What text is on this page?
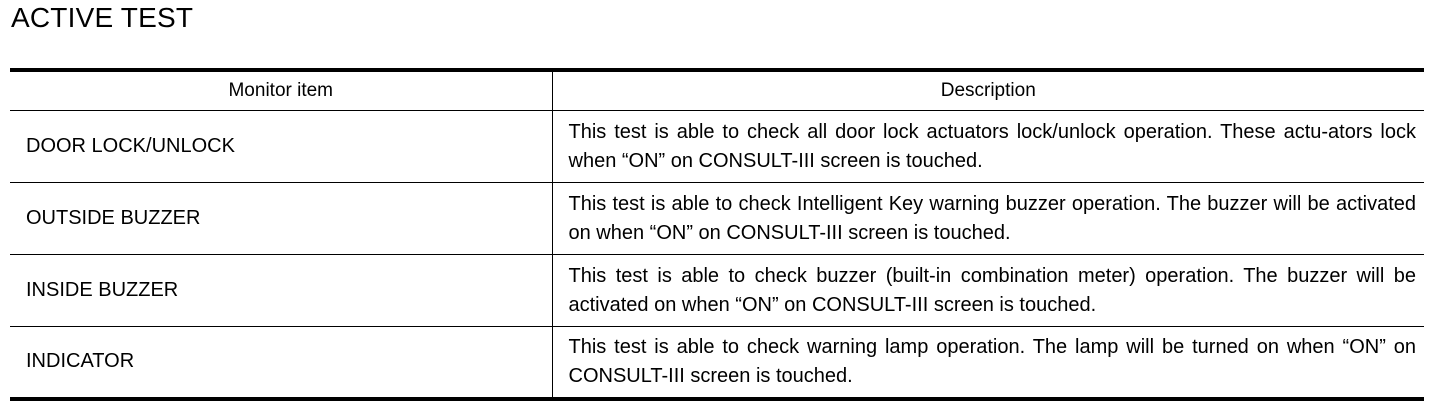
ACTIVE TEST
Monitor item	Description
DOOR LOCK/UNLOCK	This test is able to check all door lock actuators lock/unlock operation. These actu-ators lock when “ON” on CONSULT-III screen is touched.
OUTSIDE BUZZER	This test is able to check Intelligent Key warning buzzer operation. The buzzer will be activated on when “ON” on CONSULT-III screen is touched.
INSIDE BUZZER	This test is able to check buzzer (built-in combination meter) operation. The buzzer will be activated on when “ON” on CONSULT-III screen is touched.
INDICATOR	This test is able to check warning lamp operation. The lamp will be turned on when “ON” on CONSULT-III screen is touched.
